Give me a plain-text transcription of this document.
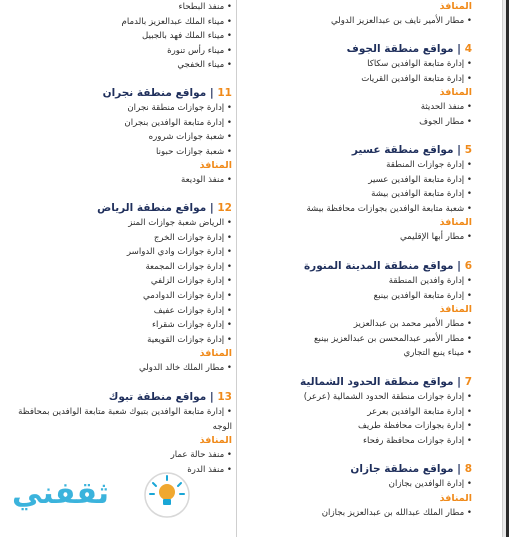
المنافذ
• مطار الأمير نايف بن عبدالعزيز الدولي
4 | مواقع منطقة الجوف
• إدارة متابعة الوافدين سكاكا
• إدارة متابعة الوافدين القريات
المنافذ
• منفذ الحديثة
• مطار الجوف
5 | مواقع منطقة عسير
• إدارة جوازات المنطقة
• إدارة متابعة الوافدين عسير
• إدارة متابعة الوافدين بيشة
• شعبة متابعة الوافدين بجوازات محافظة بيشة
المنافذ
• مطار أبها الإقليمي
6 | مواقع منطقة المدينة المنورة
• إدارة وافدين المنطقة
• إدارة متابعة الوافدين بينبع
المنافذ
• مطار الأمير محمد بن عبدالعزيز
• مطار الأمير عبدالمحسن بن عبدالعزيز بينبع
• ميناء ينبع التجاري
7 | مواقع منطقة الحدود الشمالية
• إدارة جوازات منطقة الحدود الشمالية (عرعر)
• إدارة متابعة الوافدين بعرعر
• إدارة بجوازات محافظة طريف
• إدارة جوازات محافظة رفحاء
8 | مواقع منطقة جازان
• إدارة الوافدين بجازان
المنافذ
• مطار الملك عبدالله بن عبدالعزيز بجازان
• منفذ البطحاء
• ميناء الملك عبدالعزيز بالدمام
• ميناء الملك فهد بالجبيل
• ميناء رأس تنورة
• ميناء الخفجي
11 | مواقع منطقة نجران
• إدارة جوازات منطقة نجران
• إدارة متابعة الوافدين بنجران
• شعبة جوازات شروره
• شعبة جوازات حبونا
المنافذ
• منفذ الوديعة
12 | مواقع منطقة الرياض
• الرياض شعبة جوازات المنز
• إدارة جوازات الخرج
• إدارة جوازات وادي الدواسر
• إدارة جوازات المجمعة
• إدارة جوازات الزلفي
• إدارة جوازات الدوادمي
• إدارة جوازات عفيف
• إدارة جوازات شقراء
• إدارة جوازات القويعية
المنافذ
• مطار الملك خالد الدولي
13 | مواقع منطقة تبوك
• إدارة متابعة الوافدين بتبوك شعبة متابعة الوافدين بمحافظة الوجه
المنافذ
• منفذ حالة عمار
• منفذ الدرة
ثقفني
